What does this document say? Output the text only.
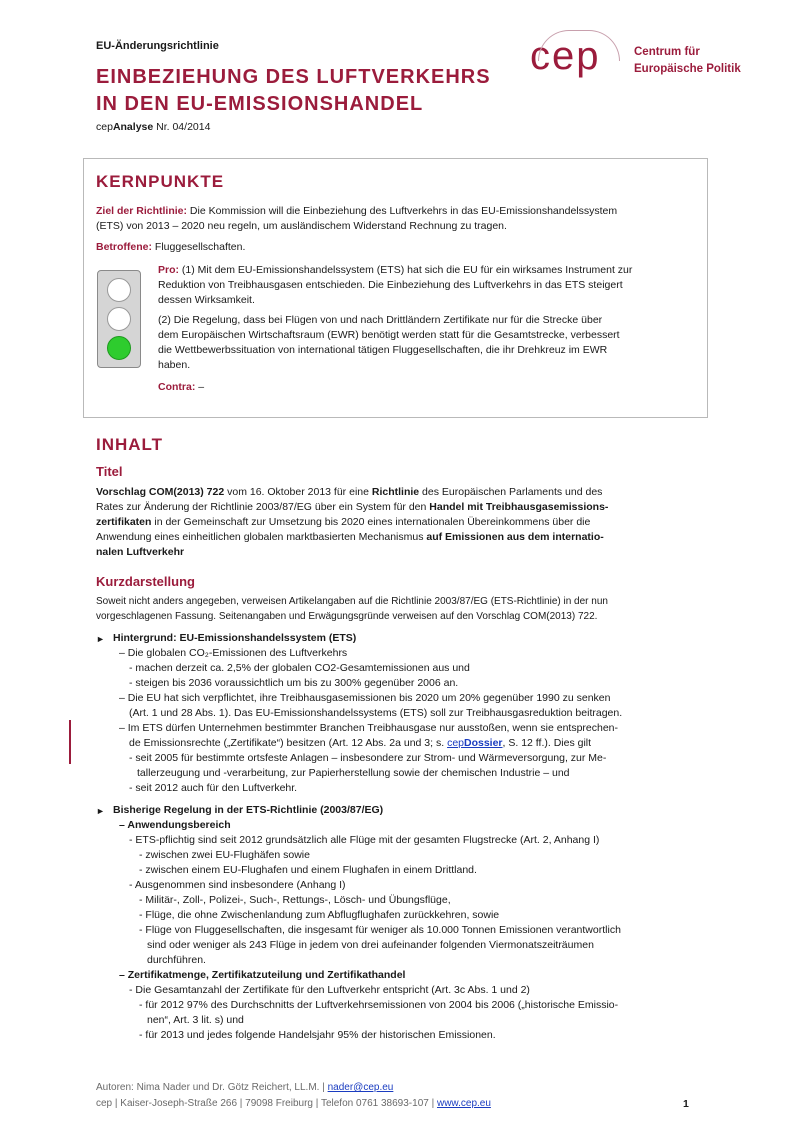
EU-Änderungsrichtlinie
EINBEZIEHUNG DES LUFTVERKEHRS
IN DEN EU-EMISSIONSHANDEL
cepAnalyse Nr. 04/2014
cep	Centrum für
Europäische Politik
KERNPUNKTE
Ziel der Richtlinie: Die Kommission will die Einbeziehung des Luftverkehrs in das EU-Emissionshandelssystem
(ETS) von 2013 – 2020 neu regeln, um ausländischem Widerstand Rechnung zu tragen.
Betroffene: Fluggesellschaften.
Pro: (1) Mit dem EU-Emissionshandelssystem (ETS) hat sich die EU für ein wirksames Instrument zur
Reduktion von Treibhausgasen entschieden. Die Einbeziehung des Luftverkehrs in das ETS steigert
dessen Wirksamkeit.
(2) Die Regelung, dass bei Flügen von und nach Drittländern Zertifikate nur für die Strecke über
dem Europäischen Wirtschaftsraum (EWR) benötigt werden statt für die Gesamtstrecke, verbessert
die Wettbewerbssituation von international tätigen Fluggesellschaften, die ihr Drehkreuz im EWR
haben.
Contra: –
INHALT
Titel
Vorschlag COM(2013) 722 vom 16. Oktober 2013 für eine Richtlinie des Europäischen Parlaments und des
Rates zur Änderung der Richtlinie 2003/87/EG über ein System für den Handel mit Treibhausgasemissions-
zertifikaten in der Gemeinschaft zur Umsetzung bis 2020 eines internationalen Übereinkommens über die
Anwendung eines einheitlichen globalen marktbasierten Mechanismus auf Emissionen aus dem internatio-
nalen Luftverkehr
Kurzdarstellung
Soweit nicht anders angegeben, verweisen Artikelangaben auf die Richtlinie 2003/87/EG (ETS-Richtlinie) in der nun
vorgeschlagenen Fassung. Seitenangaben und Erwägungsgründe verweisen auf den Vorschlag COM(2013) 722.
► Hintergrund: EU-Emissionshandelssystem (ETS)
– Die globalen CO₂-Emissionen des Luftverkehrs
- machen derzeit ca. 2,5% der globalen CO2-Gesamtemissionen aus und
- steigen bis 2036 voraussichtlich um bis zu 300% gegenüber 2006 an.
– Die EU hat sich verpflichtet, ihre Treibhausgasemissionen bis 2020 um 20% gegenüber 1990 zu senken
(Art. 1 und 28 Abs. 1). Das EU-Emissionshandelssystems (ETS) soll zur Treibhausgasreduktion beitragen.
– Im ETS dürfen Unternehmen bestimmter Branchen Treibhausgase nur ausstoßen, wenn sie entsprechen-
de Emissionsrechte („Zertifikate“) besitzen (Art. 12 Abs. 2a und 3; s. cepDossier, S. 12 ff.). Dies gilt
- seit 2005 für bestimmte ortsfeste Anlagen – insbesondere zur Strom- und Wärmeversorgung, zur Me-
tallerzeugung und -verarbeitung, zur Papierherstellung sowie der chemischen Industrie – und
- seit 2012 auch für den Luftverkehr.
► Bisherige Regelung in der ETS-Richtlinie (2003/87/EG)
– Anwendungsbereich
- ETS-pflichtig sind seit 2012 grundsätzlich alle Flüge mit der gesamten Flugstrecke (Art. 2, Anhang I)
- zwischen zwei EU-Flughäfen sowie
- zwischen einem EU-Flughafen und einem Flughafen in einem Drittland.
- Ausgenommen sind insbesondere (Anhang I)
- Militär-, Zoll-, Polizei-, Such-, Rettungs-, Lösch- und Übungsflüge,
- Flüge, die ohne Zwischenlandung zum Abflugflughafen zurückkehren, sowie
- Flüge von Fluggesellschaften, die insgesamt für weniger als 10.000 Tonnen Emissionen verantwortlich
sind oder weniger als 243 Flüge in jedem von drei aufeinander folgenden Viermonatszeiträumen
durchführen.
– Zertifikatmenge, Zertifikatzuteilung und Zertifikathandel
- Die Gesamtanzahl der Zertifikate für den Luftverkehr entspricht (Art. 3c Abs. 1 und 2)
- für 2012 97% des Durchschnitts der Luftverkehrsemissionen von 2004 bis 2006 („historische Emissio-
nen“, Art. 3 lit. s) und
- für 2013 und jedes folgende Handelsjahr 95% der historischen Emissionen.
Autoren: Nima Nader und Dr. Götz Reichert, LL.M. | nader@cep.eu
cep | Kaiser-Joseph-Straße 266 | 79098 Freiburg | Telefon 0761 38693-107 | www.cep.eu	1
